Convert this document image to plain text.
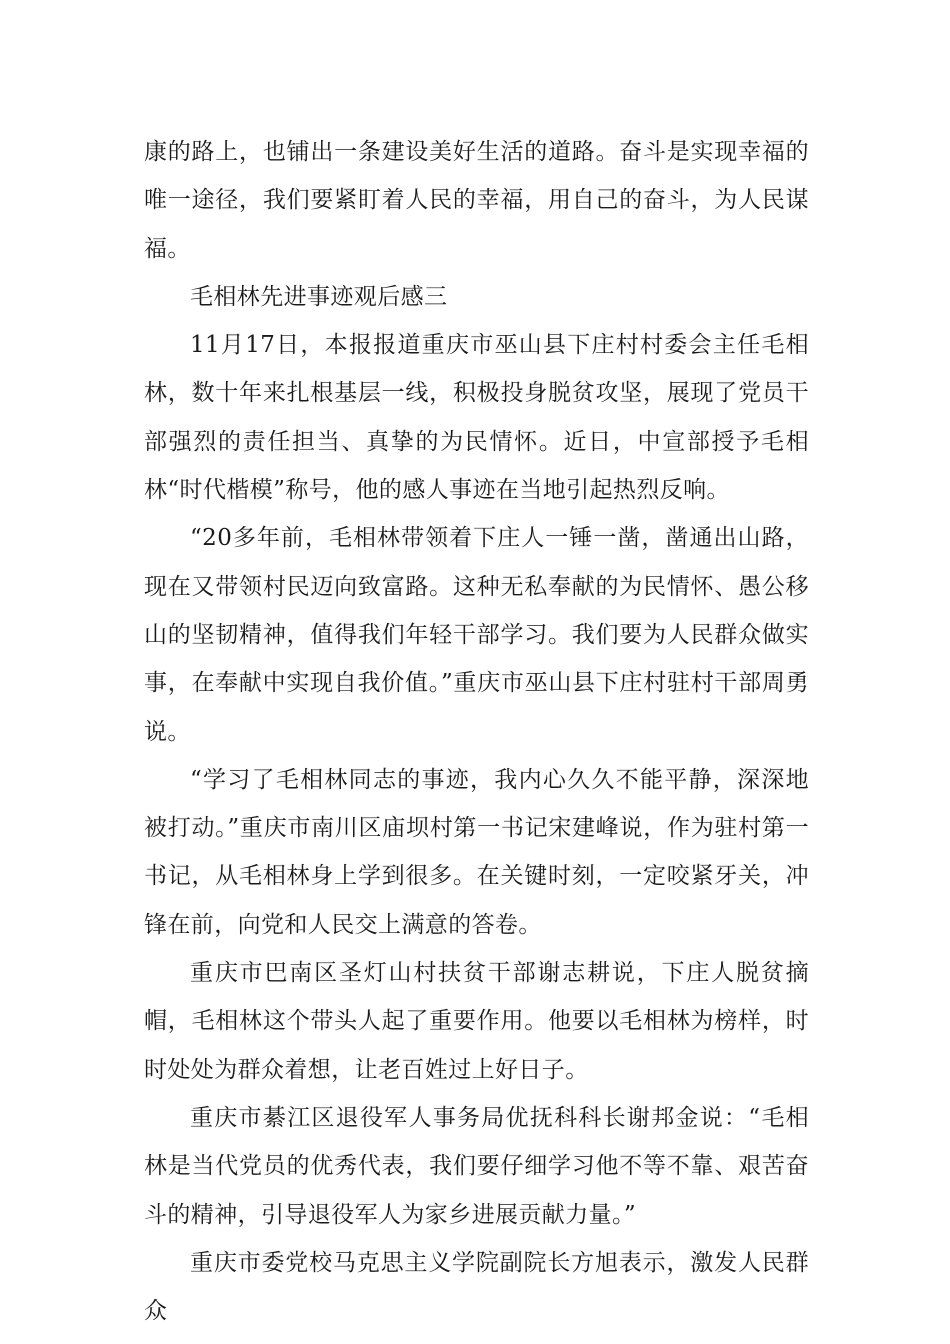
康的路上，也铺出一条建设美好生活的道路。奋斗是实现幸福的唯一途径，我们要紧盯着人民的幸福，用自己的奋斗，为人民谋福。

毛相林先进事迹观后感三

11月17日，本报报道重庆市巫山县下庄村村委会主任毛相林，数十年来扎根基层一线，积极投身脱贫攻坚，展现了党员干部强烈的责任担当、真挚的为民情怀。近日，中宣部授予毛相林“时代楷模”称号，他的感人事迹在当地引起热烈反响。

“20多年前，毛相林带领着下庄人一锤一凿，凿通出山路，现在又带领村民迈向致富路。这种无私奉献的为民情怀、愚公移山的坚韧精神，值得我们年轻干部学习。我们要为人民群众做实事，在奉献中实现自我价值。”重庆市巫山县下庄村驻村干部周勇说。

“学习了毛相林同志的事迹，我内心久久不能平静，深深地被打动。”重庆市南川区庙坝村第一书记宋建峰说，作为驻村第一书记，从毛相林身上学到很多。在关键时刻，一定咬紧牙关，冲锋在前，向党和人民交上满意的答卷。

重庆市巴南区圣灯山村扶贫干部谢志耕说，下庄人脱贫摘帽，毛相林这个带头人起了重要作用。他要以毛相林为榜样，时时处处为群众着想，让老百姓过上好日子。

重庆市綦江区退役军人事务局优抚科科长谢邦金说：“毛相林是当代党员的优秀代表，我们要仔细学习他不等不靠、艰苦奋斗的精神，引导退役军人为家乡进展贡献力量。”

重庆市委党校马克思主义学院副院长方旭表示，激发人民群众
